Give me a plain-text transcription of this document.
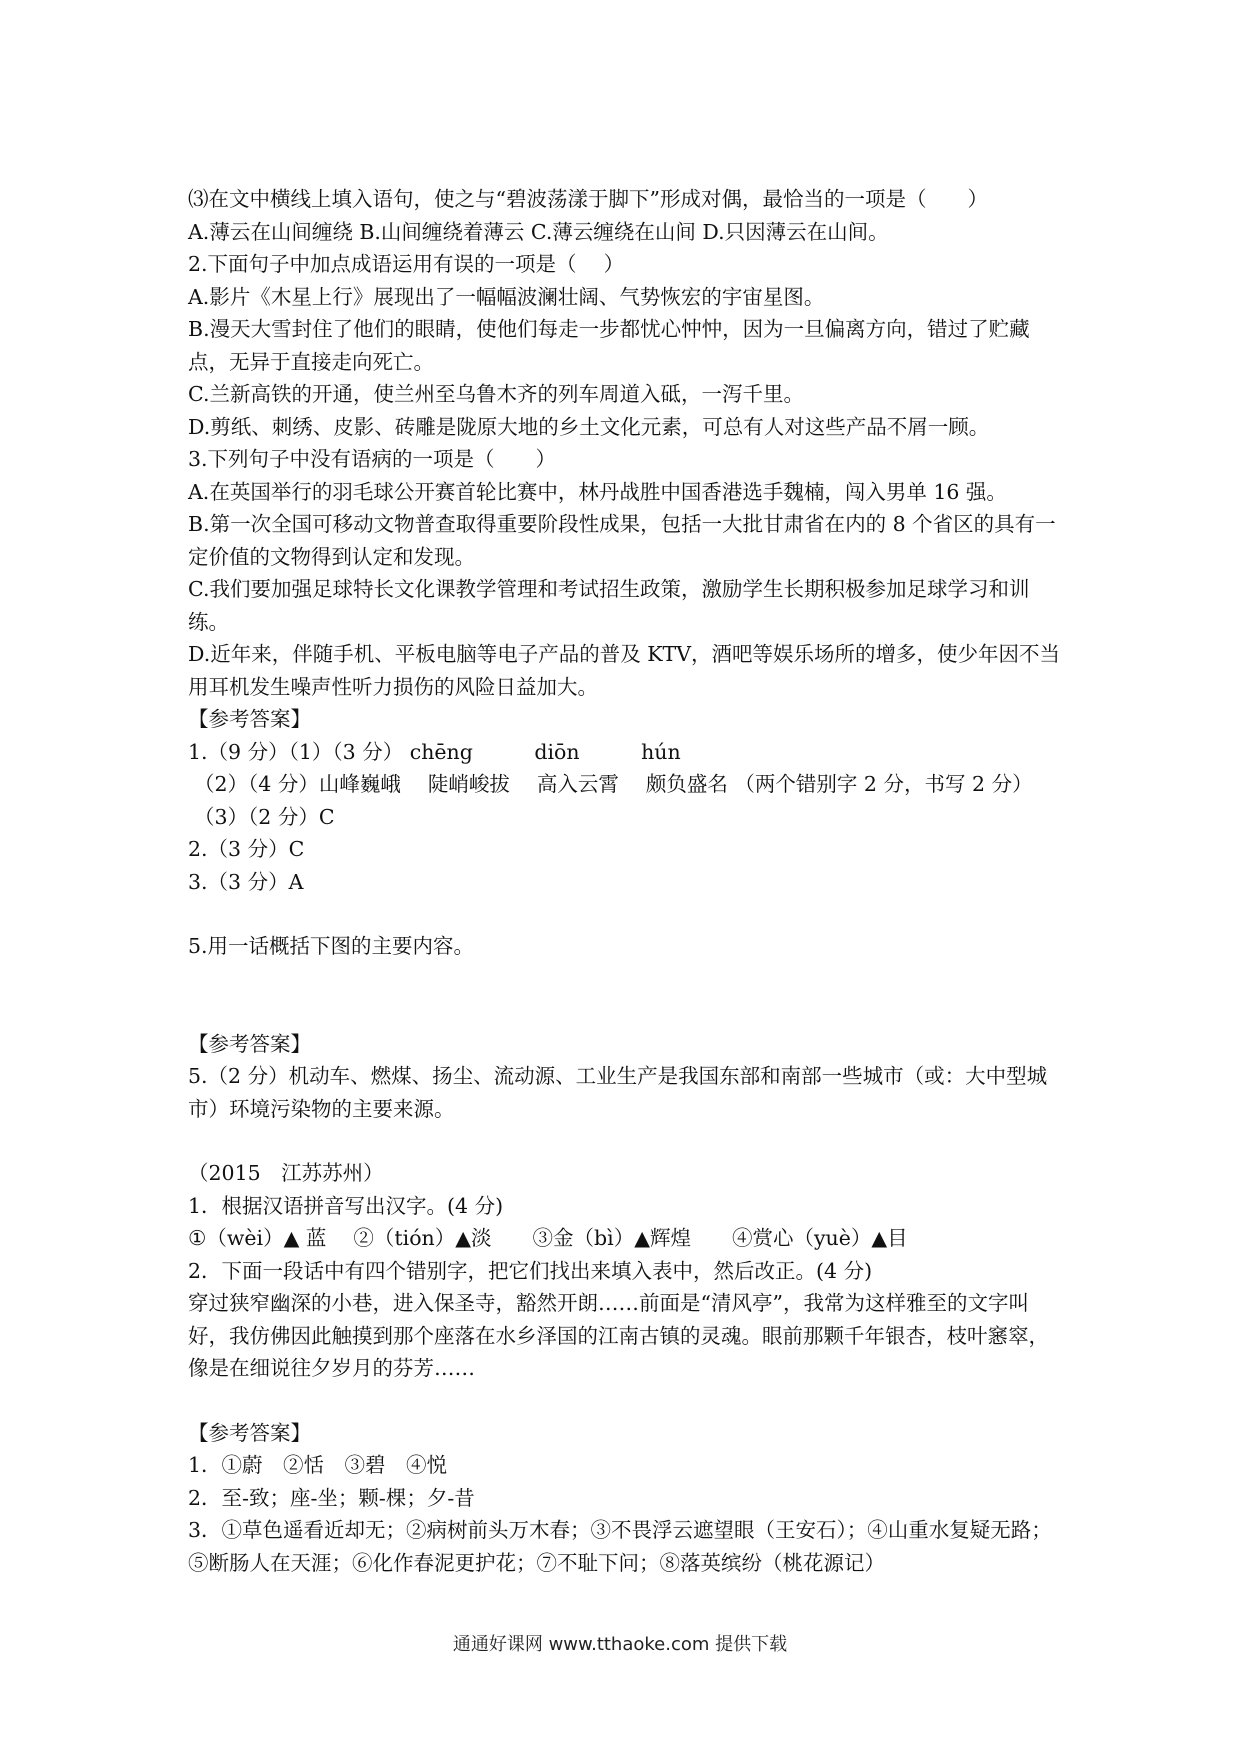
⑶在文中横线上填入语句，使之与“碧波荡漾于脚下”形成对偶，最恰当的一项是（　　）
A.薄云在山间缠绕 B.山间缠绕着薄云 C.薄云缠绕在山间 D.只因薄云在山间。
2.下面句子中加点成语运用有误的一项是（　 ）
A.影片《木星上行》展现出了一幅幅波澜壮阔、气势恢宏的宇宙星图。
B.漫天大雪封住了他们的眼睛，使他们每走一步都忧心忡忡，因为一旦偏离方向，错过了贮藏点，无异于直接走向死亡。
C.兰新高铁的开通，使兰州至乌鲁木齐的列车周道入砥，一泻千里。
D.剪纸、刺绣、皮影、砖雕是陇原大地的乡土文化元素，可总有人对这些产品不屑一顾。
3.下列句子中没有语病的一项是（　　）
A.在英国举行的羽毛球公开赛首轮比赛中，林丹战胜中国香港选手魏楠，闯入男单 16 强。
B.第一次全国可移动文物普查取得重要阶段性成果，包括一大批甘肃省在内的 8 个省区的具有一定价值的文物得到认定和发现。
C.我们要加强足球特长文化课教学管理和考试招生政策，激励学生长期积极参加足球学习和训练。
D.近年来，伴随手机、平板电脑等电子产品的普及 KTV，酒吧等娱乐场所的增多，使少年因不当用耳机发生噪声性听力损伤的风险日益加大。
【参考答案】
1.（9 分）（1）（3 分） chēng　　　diōn　　　hún
（2）（4 分）山峰巍峨　 陡峭峻拔　 高入云霄　 颇负盛名 （两个错别字 2 分，书写 2 分）
（3）（2 分）C
2.（3 分）C
3.（3 分）A
5.用一话概括下图的主要内容。
【参考答案】
5.（2 分）机动车、燃煤、扬尘、流动源、工业生产是我国东部和南部一些城市（或：大中型城市）环境污染物的主要来源。
（2015　江苏苏州）
1．根据汉语拼音写出汉字。(4 分)
①（wèi）▲ 蓝　 ②（tión）▲淡　　③金（bì）▲辉煌　　④赏心（yuè）▲目
2．下面一段话中有四个错别字，把它们找出来填入表中，然后改正。(4 分)
穿过狭窄幽深的小巷，进入保圣寺，豁然开朗……前面是“清风亭”，我常为这样雅至的文字叫好，我仿佛因此触摸到那个座落在水乡泽国的江南古镇的灵魂。眼前那颗千年银杏，枝叶窸窣，像是在细说往夕岁月的芬芳……
【参考答案】
1．①蔚　②恬　③碧　④悦
2．至-致；座-坐；颗-棵；夕-昔
3．①草色遥看近却无；②病树前头万木春；③不畏浮云遮望眼（王安石）；④山重水复疑无路；⑤断肠人在天涯；⑥化作春泥更护花；⑦不耻下问；⑧落英缤纷（桃花源记）
通通好课网 www.tthaoke.com 提供下载
